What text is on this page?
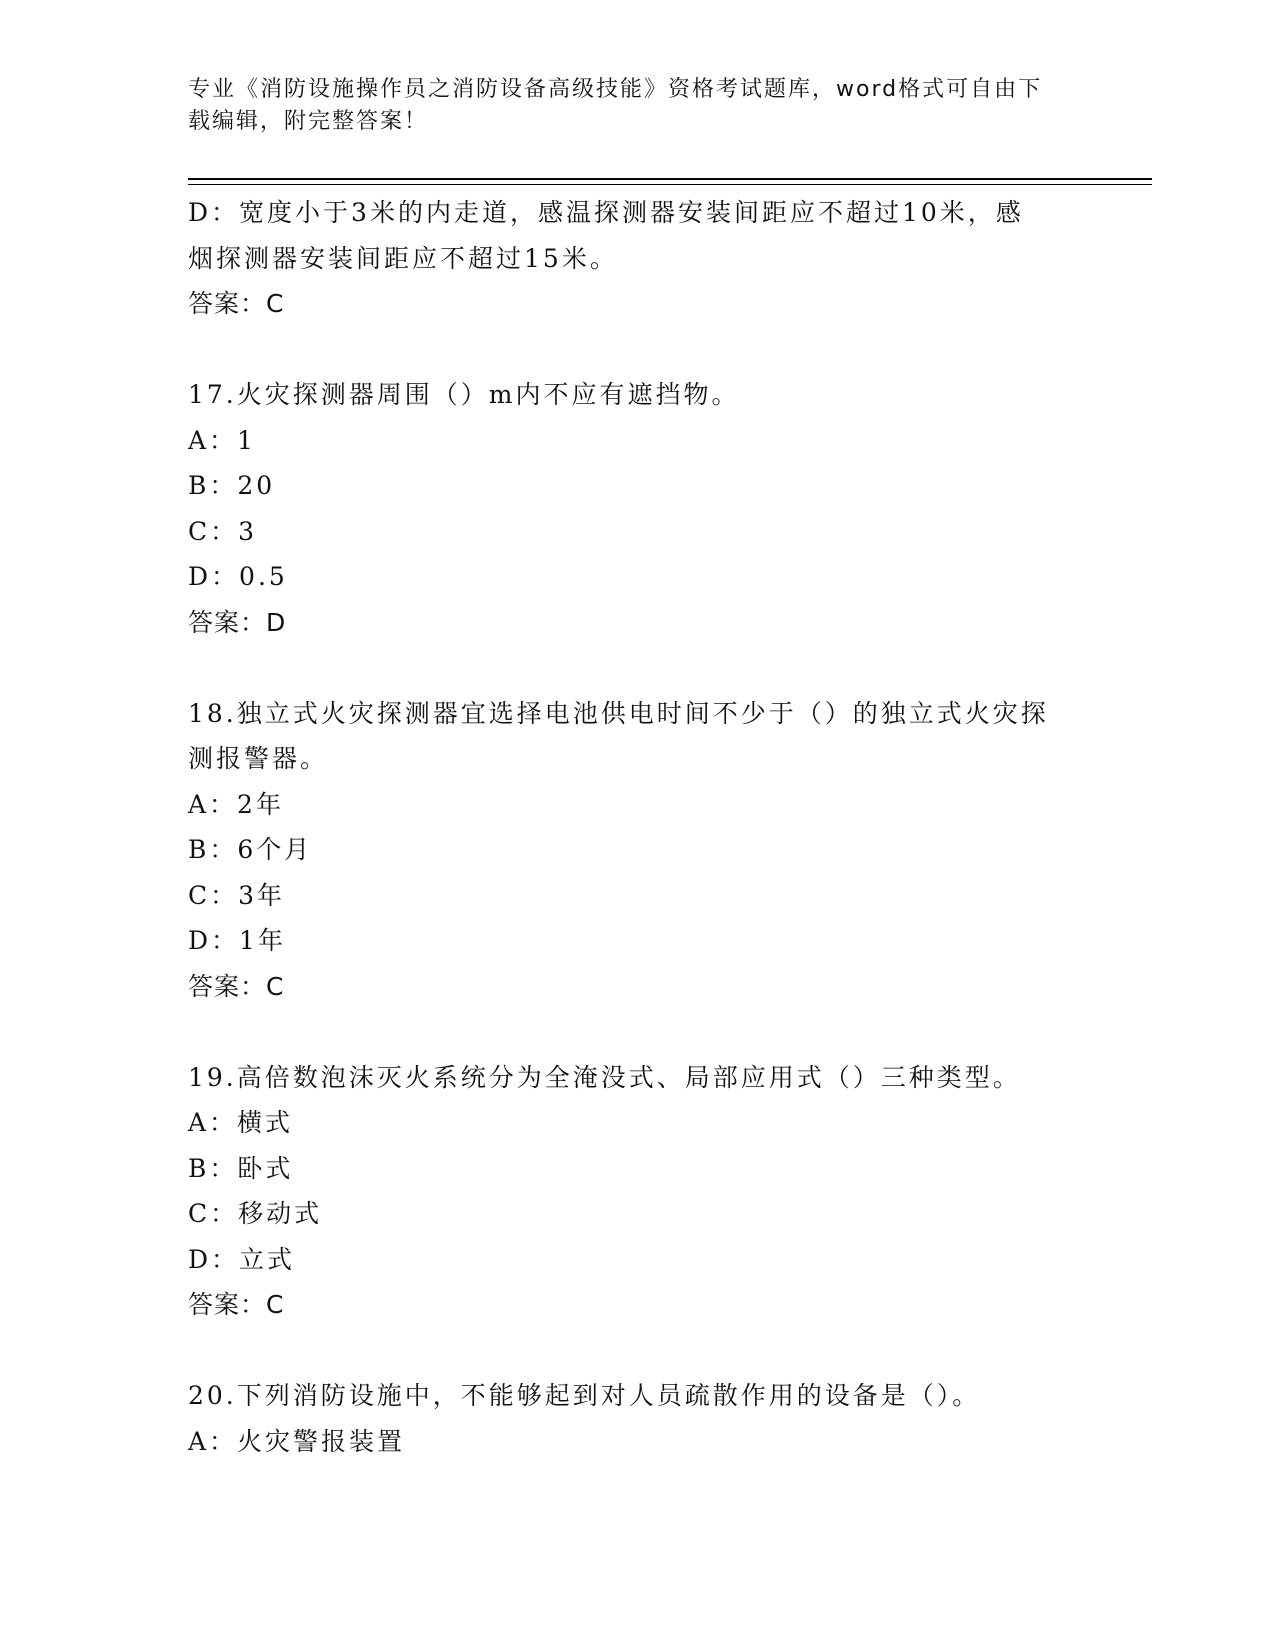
专业《消防设施操作员之消防设备高级技能》资格考试题库，word格式可自由下
载编辑，附完整答案！
D：宽度小于3米的内走道，感温探测器安装间距应不超过10米，感
烟探测器安装间距应不超过15米。
答案：C
17.火灾探测器周围（）m内不应有遮挡物。
A：1
B：20
C：3
D：0.5
答案：D
18.独立式火灾探测器宜选择电池供电时间不少于（）的独立式火灾探
测报警器。
A：2年
B：6个月
C：3年
D：1年
答案：C
19.高倍数泡沫灭火系统分为全淹没式、局部应用式（）三种类型。
A：横式
B：卧式
C：移动式
D：立式
答案：C
20.下列消防设施中，不能够起到对人员疏散作用的设备是（）。
A：火灾警报装置
